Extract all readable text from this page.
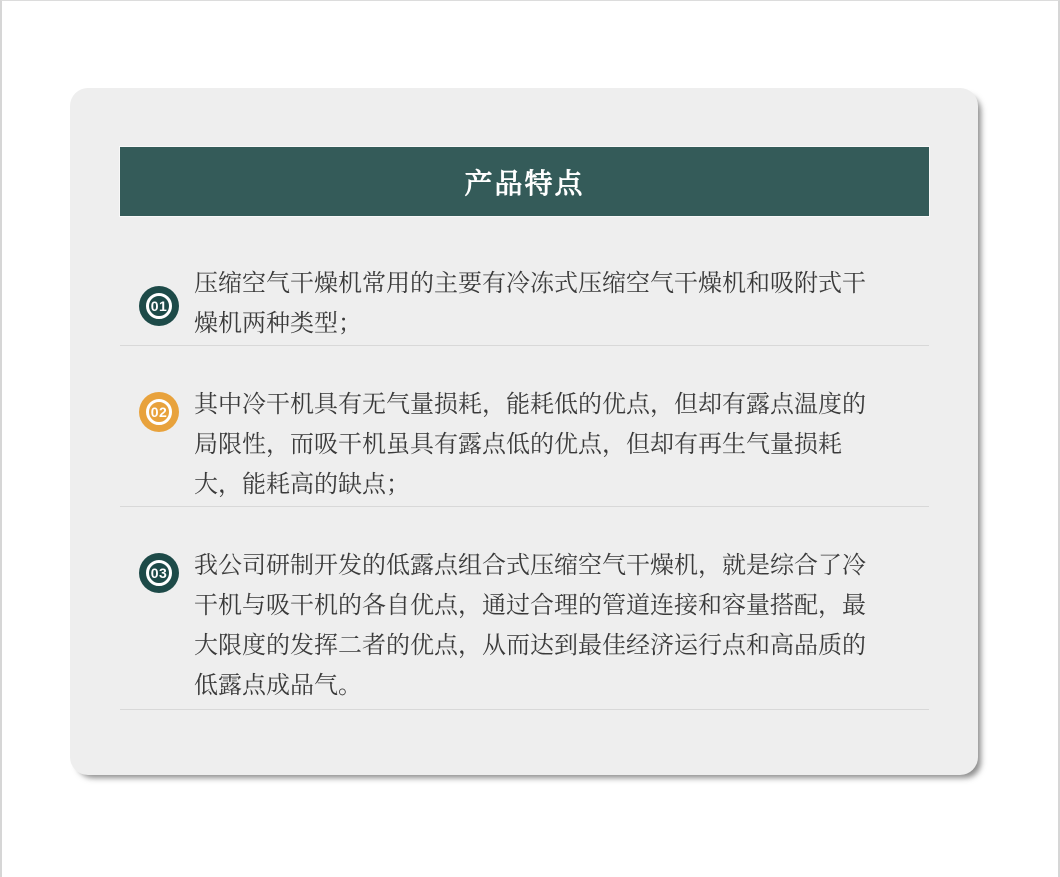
产品特点
01
压缩空气干燥机常用的主要有冷冻式压缩空气干燥机和吸附式干燥机两种类型；
02 其中冷干机具有无气量损耗，能耗低的优点，但却有露点温度的局限性，而吸干机虽具有露点低的优点，但却有再生气量损耗大，能耗高的缺点；
03 我公司研制开发的低露点组合式压缩空气干燥机，就是综合了冷干机与吸干机的各自优点，通过合理的管道连接和容量搭配，最大限度的发挥二者的优点，从而达到最佳经济运行点和高品质的低露点成品气。
